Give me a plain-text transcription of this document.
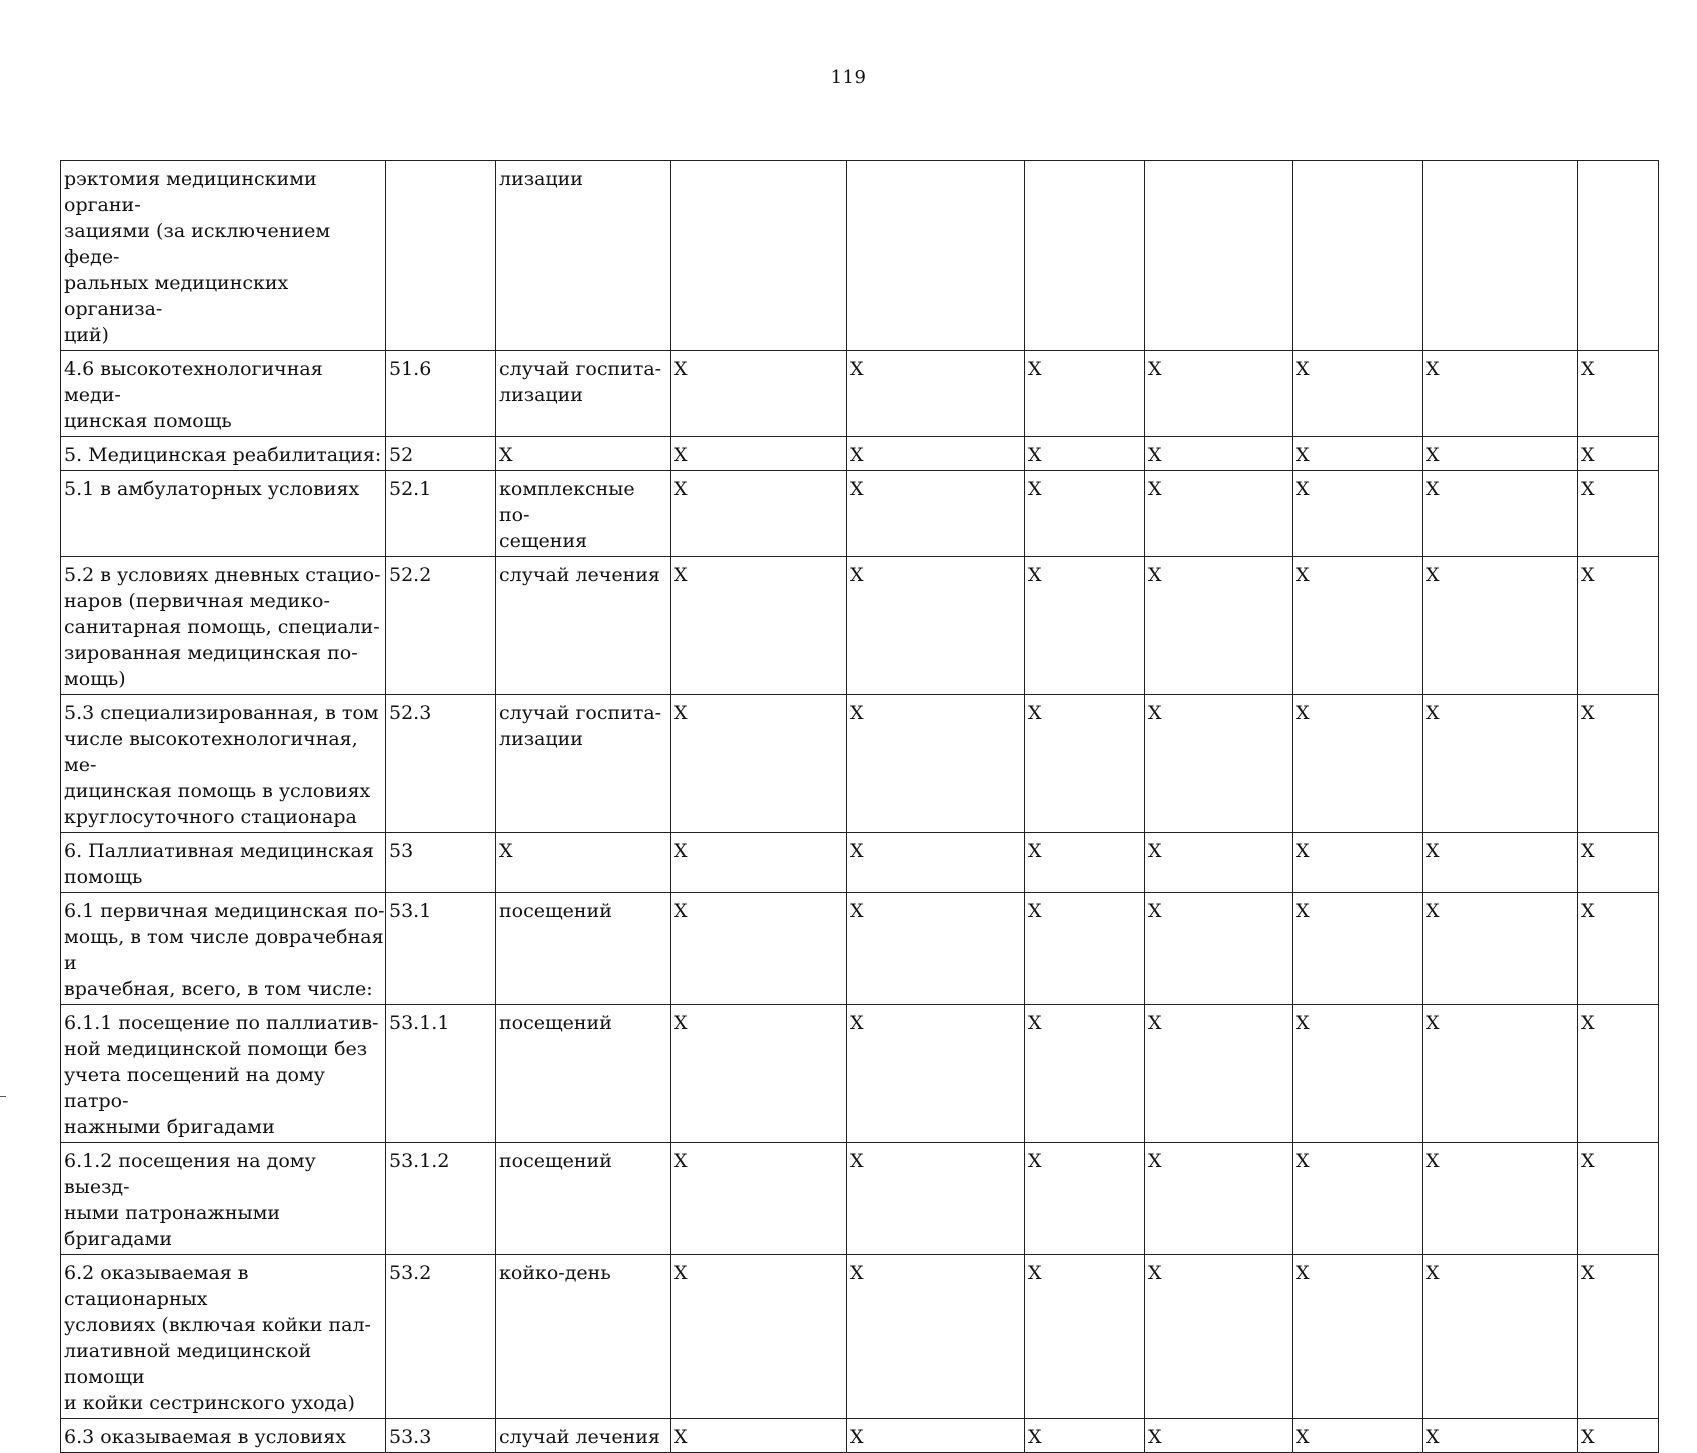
119
рэктомия медицинскими органи-
зациями (за исключением феде-
ральных медицинских организа-
ций)		лизации							
4.6 высокотехнологичная меди-
цинская помощь	51.6	случай госпита-
лизации	X	X	X	X	X	X	X
5. Медицинская реабилитация:	52	X	X	X	X	X	X	X	X
5.1 в амбулаторных условиях	52.1	комплексные по-
сещения	X	X	X	X	X	X	X
5.2 в условиях дневных стацио-
наров (первичная медико-
санитарная помощь, специали-
зированная медицинская по-
мощь)	52.2	случай лечения	X	X	X	X	X	X	X
5.3 специализированная, в том
числе высокотехнологичная, ме-
дицинская помощь в условиях
круглосуточного стационара	52.3	случай госпита-
лизации	X	X	X	X	X	X	X
6. Паллиативная медицинская
помощь	53	X	X	X	X	X	X	X	X
6.1 первичная медицинская по-
мощь, в том числе доврачебная и
врачебная, всего, в том числе:	53.1	посещений	X	X	X	X	X	X	X
6.1.1 посещение по паллиатив-
ной медицинской помощи без
учета посещений на дому патро-
нажными бригадами	53.1.1	посещений	X	X	X	X	X	X	X
6.1.2 посещения на дому выезд-
ными патронажными бригадами	53.1.2	посещений	X	X	X	X	X	X	X
6.2 оказываемая в стационарных
условиях (включая койки пал-
лиативной медицинской помощи
и койки сестринского ухода)	53.2	койко-день	X	X	X	X	X	X	X
6.3 оказываемая в условиях	53.3	случай лечения	X	X	X	X	X	X	X
